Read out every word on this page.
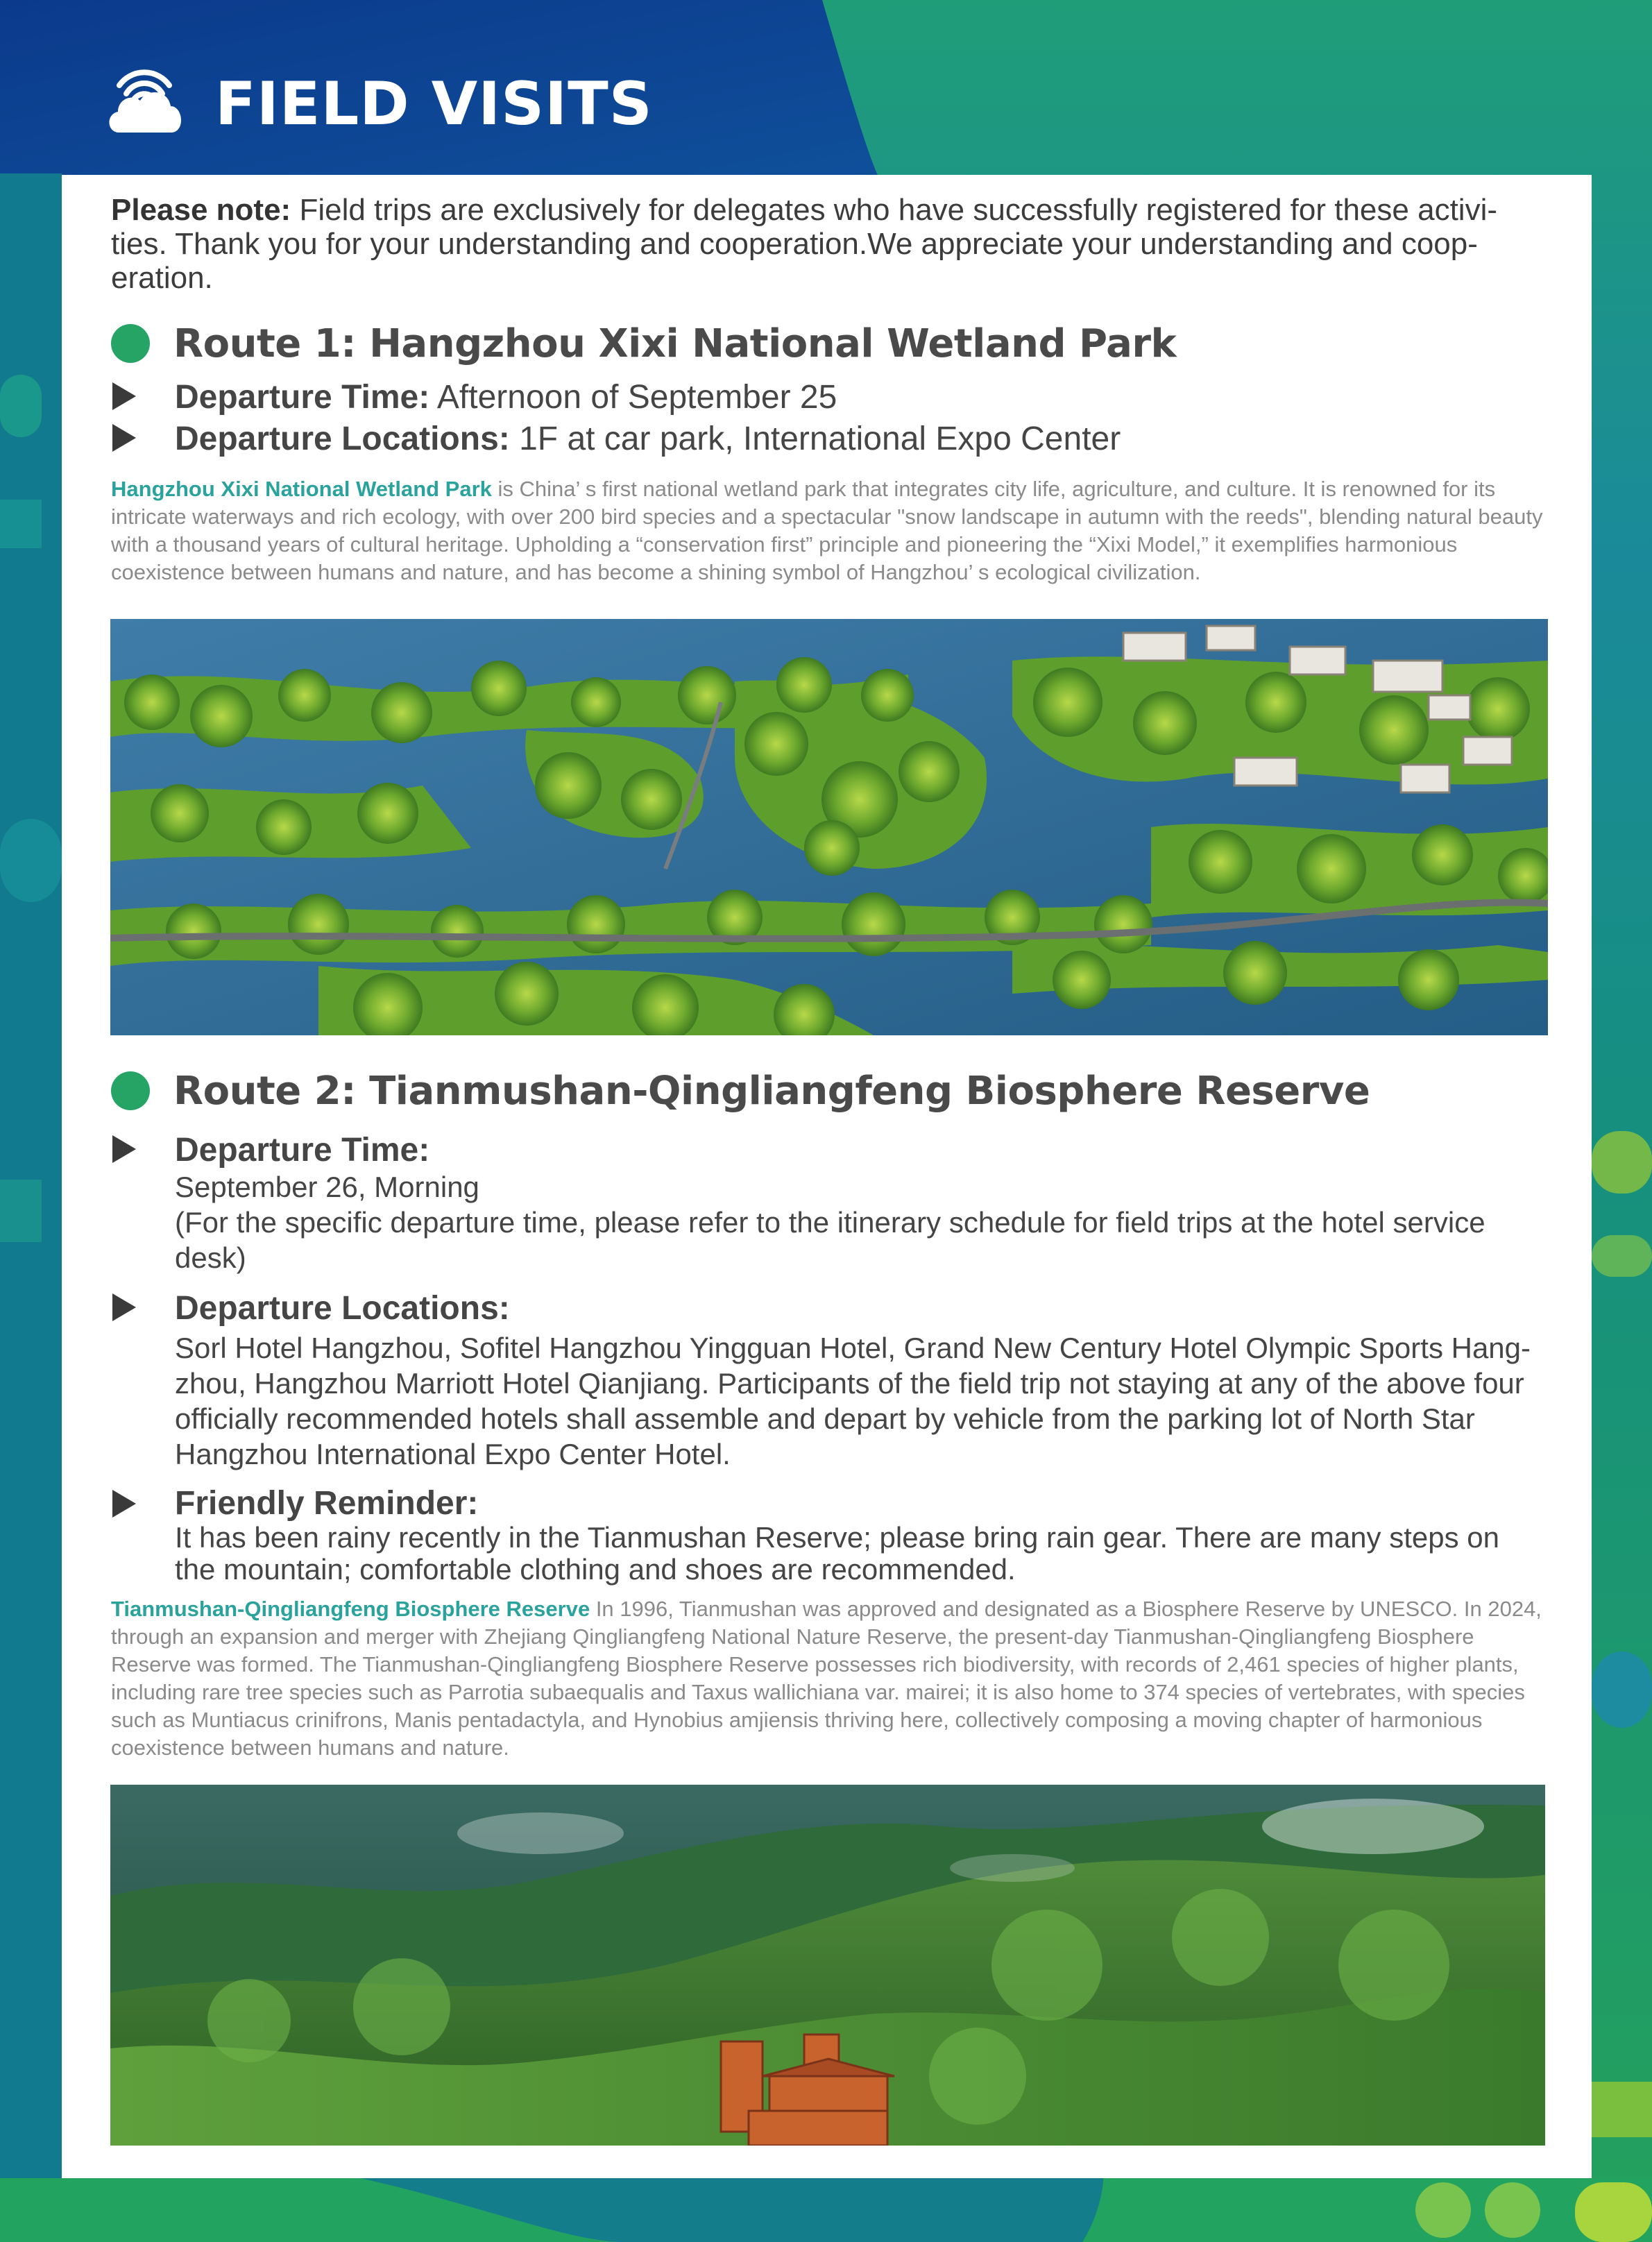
FIELD VISITS

Please note: Field trips are exclusively for delegates who have successfully registered for these activi- ties. Thank you for your understanding and cooperation.We appreciate your understanding and coop- eration.

Route 1: Hangzhou Xixi National Wetland Park
Departure Time: Afternoon of September 25
Departure Locations: 1F at car park, International Expo Center

Hangzhou Xixi National Wetland Park is China’ s first national wetland park that integrates city life, agriculture, and culture. It is renowned for its intricate waterways and rich ecology, with over 200 bird species and a spectacular "snow landscape in autumn with the reeds", blending natural beauty with a thousand years of cultural heritage. Upholding a “conservation first” principle and pioneering the “Xixi Model,” it exemplifies harmonious coexistence between humans and nature, and has become a shining symbol of Hangzhou’ s ecological civilization.

Route 2: Tianmushan-Qingliangfeng Biosphere Reserve
Departure Time:
September 26, Morning
(For the specific departure time, please refer to the itinerary schedule for field trips at the hotel service desk)
Departure Locations:
Sorl Hotel Hangzhou, Sofitel Hangzhou Yingguan Hotel, Grand New Century Hotel Olympic Sports Hang- zhou, Hangzhou Marriott Hotel Qianjiang. Participants of the field trip not staying at any of the above four officially recommended hotels shall assemble and depart by vehicle from the parking lot of North Star Hangzhou International Expo Center Hotel.
Friendly Reminder:
It has been rainy recently in the Tianmushan Reserve; please bring rain gear. There are many steps on the mountain; comfortable clothing and shoes are recommended.

Tianmushan-Qingliangfeng Biosphere Reserve In 1996, Tianmushan was approved and designated as a Biosphere Reserve by UNESCO. In 2024, through an expansion and merger with Zhejiang Qingliangfeng National Nature Reserve, the present-day Tianmushan-Qingliangfeng Biosphere Reserve was formed. The Tianmushan-Qingliangfeng Biosphere Reserve possesses rich biodiversity, with records of 2,461 species of higher plants, including rare tree species such as Parrotia subaequalis and Taxus wallichiana var. mairei; it is also home to 374 species of vertebrates, with species such as Muntiacus crinifrons, Manis pentadactyla, and Hynobius amjiensis thriving here, collectively composing a moving chapter of harmonious coexistence between humans and nature.
